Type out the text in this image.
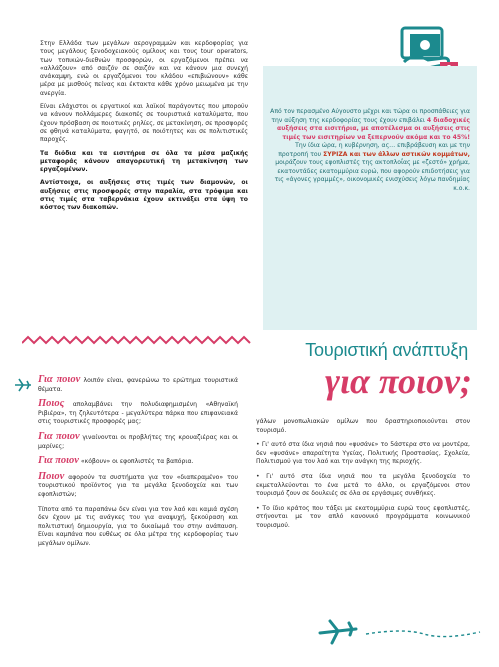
Στην Ελλάδα των μεγάλων αερογραμμών και κερδοφορίας για τους μεγάλους ξενοδοχειακούς ομίλους και τους tour operators, των τοπικών-διεθνών προσφορών, οι εργαζόμενοι πρέπει να «αλλάζουν» από σαιζόν σε σαιζόν και να κάνουν μια συνεχή ανάκαμψη, ενώ οι εργαζόμενοι του κλάδου «επιβιώνουν» κάθε μέρα με μισθούς πείνας και έκτακτα κάθε χρόνο μειωμένα με την ανεργία.

Είναι ελάχιστοι οι εργατικοί και λαϊκοί παράγοντες που μπορούν να κάνουν πολλάμερες διακοπές σε τουριστικά καταλύματα, που έχουν πρόσβαση σε ποιοτικές ρηλίες, σε μετακίνηση, σε προσφορές σε φθηνά καταλύματα, φαγητό, σε ποιότητες και σε πολιτιστικές παροχές.

Τα διόδια και τα εισιτήρια σε όλα τα μέσα μαζικής μεταφοράς κάνουν απαγορευτική τη μετακίνηση των εργαζομένων.

Αντίστοιχα, οι αυξήσεις στις τιμές των διαμονών, οι αυξήσεις στις προσφορές στην παραλία, στα τρόφιμα και στις τιμές στα ταβερνάκια έχουν εκτινάξει στα ύψη το κόστος των διακοπών.

Από τον περασμένο Αύγουστο μέχρι και τώρα οι προσπάθειες για την αύξηση της κερδοφορίας τους έχουν επιβάλει 4 διαδοχικές αυξήσεις στα εισιτήρια, με αποτέλεσμα οι αυξήσεις στις τιμές των εισιτηρίων να ξεπερνούν ακόμα και το 45%! Την ίδια ώρα, η κυβέρνηση, ας… επιβράβευση και με την προτροπή του ΣΥΡΙΖΑ και των άλλων αστικών κομμάτων, μοιράζουν τους εφοπλιστές της ακτοπλοΐας με «ζεστό» χρήμα, εκατοντάδες εκατομμύρια ευρώ, που αφορούν επιδοτήσεις για τις «άγονες γραμμές», οικονομικές ενισχύσεις λόγω πανδημίας κ.ο.κ.

Τουριστική ανάπτυξη
για ποιον;

Για ποιον λοιπόν είναι, φανερώνω το ερώτημα τουριστικά θέματα.

Ποιος απολαμβάνει την πολυδιαφημισμένη «Αθηναϊκή Ριβιέρα», τη ζηλευτότερα - μεγαλύτερα πάρκα που επιφανειακά στις τουριστικές προσφορές μας;

Για ποιον γιναίνονται οι προβλήτες της κρουαζιέρας και οι μαρίνες;

Για ποιον «κόβουν» οι εφοπλιστές τα βαπόρια.

Ποιον αφορούν τα συστήματα για τον «διαπεραμένο» του τουριστικού προϊόντος για τα μεγάλα ξενοδοχεία και των εφοπλιστών;

Τίποτα από τα παραπάνω δεν είναι για τον λαό και καμιά σχέση δεν έχουν με τις ανάγκες του για αναψυχή, ξεκούραση και πολιτιστική δημιουργία, για το δικαίωμά του στην ανάπαυση. Είναι καμπάνα που ευθέως σε όλα μέτρα της κερδοφορίας των μεγάλων ομίλων.

γάλων μονοπωλιακών ομίλων που δραστηριοποιούνται στον τουρισμό.

• Γι' αυτό στα ίδια νησιά που «φυσάνε» το 5άστερα στο να μοντέρα, δεν «φυσάνε» απαραίτητα Υγείας, Πολιτικής Προστασίας, Σχολεία, Πολιτισμού για τον λαό και την ανάγκη της περιοχής.

• Γι' αυτό στα ίδια νησιά που τα μεγάλα ξενοδοχεία το εκμεταλλεύονται το ένα μετά το άλλο, οι εργαζόμενοι στον τουρισμό ζουν σε δουλειές σε όλα σε εργάσιμες συνθήκες.

• Το ίδιο κράτος που τάξει με εκατομμύρια ευρώ τους εφοπλιστές, στήνονται με τον απλό κανονικό προγράμματα κοινωνικού τουρισμού.
